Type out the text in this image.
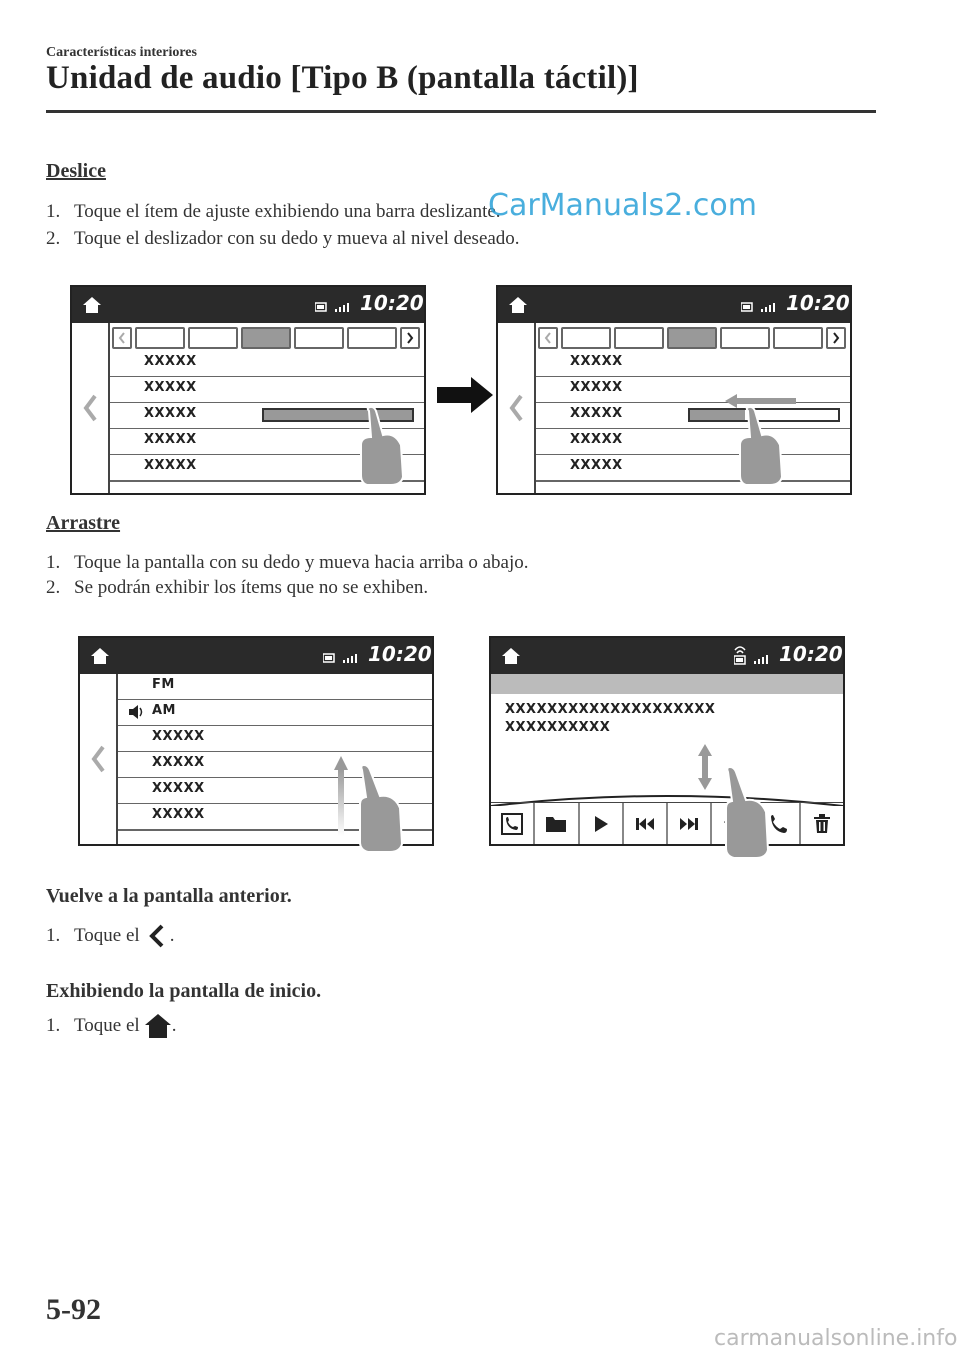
Características interiores
Unidad de audio [Tipo B (pantalla táctil)]
Deslice
1. Toque el ítem de ajuste exhibiendo una barra deslizante.
2. Toque el deslizador con su dedo y mueva al nivel deseado.
CarManuals2.com
10:20
XXXXX
XXXXX
XXXXX
XXXXX
XXXXX
10:20
XXXXX
XXXXX
XXXXX
XXXXX
XXXXX
Arrastre
1. Toque la pantalla con su dedo y mueva hacia arriba o abajo.
2. Se podrán exhibir los ítems que no se exhiben.
10:20
FM
AM
XXXXX
XXXXX
XXXXX
XXXXX
10:20
XXXXXXXXXXXXXXXXXXXX
XXXXXXXXXX
Vuelve a la pantalla anterior.
1. Toque el .
Exhibiendo la pantalla de inicio.
1. Toque el .
5-92
carmanualsonline.info
